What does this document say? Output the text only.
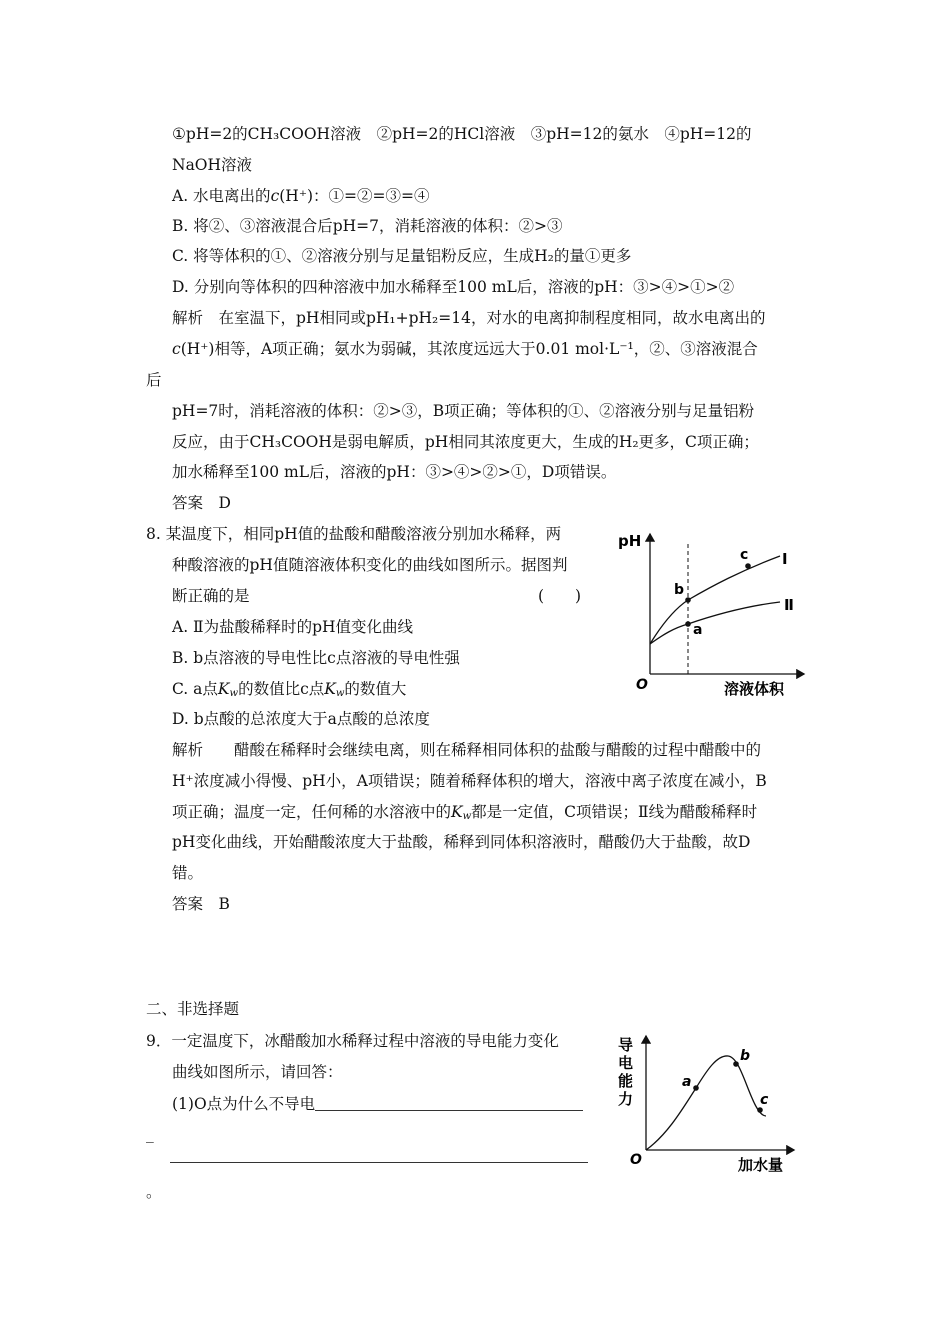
①pH=2的CH₃COOH溶液　②pH=2的HCl溶液　③pH=12的氨水　④pH=12的
NaOH溶液
A. 水电离出的c(H⁺)：①=②=③=④
B. 将②、③溶液混合后pH=7，消耗溶液的体积：②>③
C. 将等体积的①、②溶液分别与足量铝粉反应，生成H₂的量①更多
D. 分别向等体积的四种溶液中加水稀释至100 mL后，溶液的pH：③>④>①>②
解析　在室温下，pH相同或pH₁+pH₂=14，对水的电离抑制程度相同，故水电离出的
c(H⁺)相等，A项正确；氨水为弱碱，其浓度远远大于0.01 mol·L⁻¹，②、③溶液混合
后
pH=7时，消耗溶液的体积：②>③，B项正确；等体积的①、②溶液分别与足量铝粉
反应，由于CH₃COOH是弱电解质，pH相同其浓度更大，生成的H₂更多，C项正确；
加水稀释至100 mL后，溶液的pH：③>④>②>①，D项错误。
答案　D
8. 某温度下，相同pH值的盐酸和醋酸溶液分别加水稀释，两
种酸溶液的pH值随溶液体积变化的曲线如图所示。据图判
断正确的是	(　　)
A. Ⅱ为盐酸稀释时的pH值变化曲线
B. b点溶液的导电性比c点溶液的导电性强
C. a点$K_w$的数值比c点$K_w$的数值大
D. b点酸的总浓度大于a点酸的总浓度
解析　　醋酸在稀释时会继续电离，则在稀释相同体积的盐酸与醋酸的过程中醋酸中的
H⁺浓度减小得慢、pH小，A项错误；随着稀释体积的增大，溶液中离子浓度在减小，B
项正确；温度一定，任何稀的水溶液中的$K_w$都是一定值，C项错误；Ⅱ线为醋酸稀释时
pH变化曲线，开始醋酸浓度大于盐酸，稀释到同体积溶液时，醋酸仍大于盐酸，故D
错。
答案　B
pH
O	溶液体积
b
a
c Ⅰ
Ⅱ
二、非选择题
9．一定温度下，冰醋酸加水稀释过程中溶液的导电能力变化
曲线如图所示，请回答：
(1)O点为什么不导电
_
。
a
b
c
O	加水量
导
电
能
力
